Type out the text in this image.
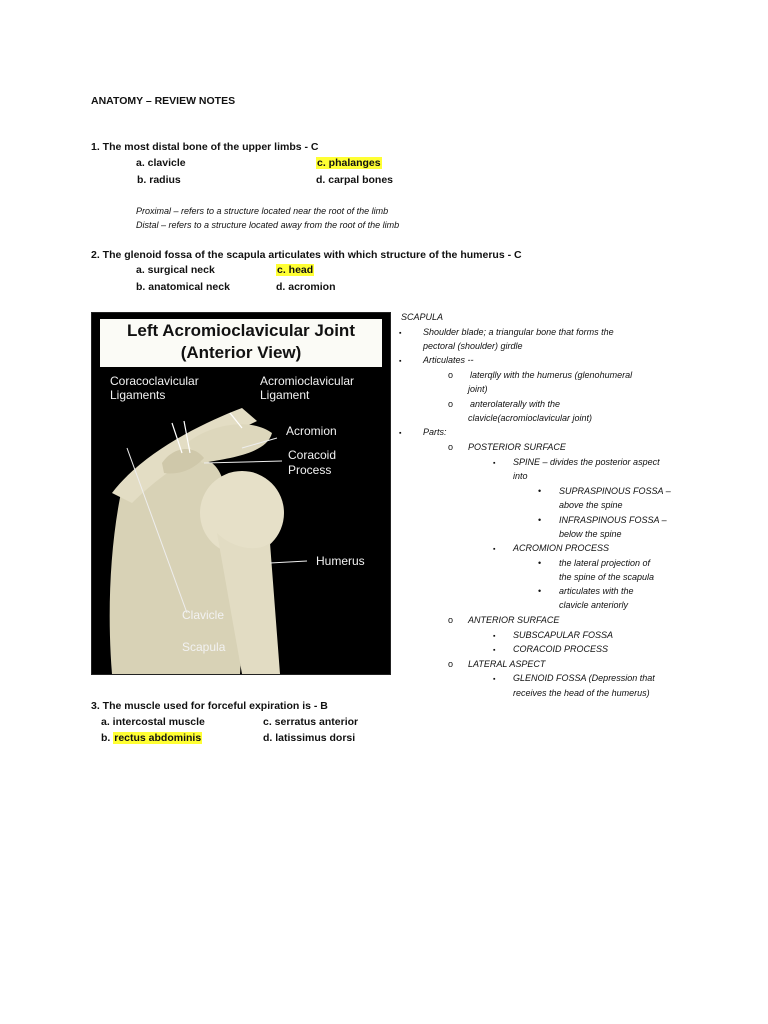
ANATOMY – REVIEW NOTES
1. The most distal bone of the upper limbs - C
a. clavicle	c. phalanges
b. radius	d. carpal bones
Proximal – refers to a structure located near the root of the limb
Distal – refers to a structure located away from the root of the limb
2. The glenoid fossa of the scapula articulates with which structure of the humerus - C
a. surgical neck	c. head
b. anatomical neck	d. acromion
Left Acromioclavicular Joint
(Anterior View)
Coracoclavicular
Ligaments
Acromioclavicular
Ligament
Acromion
Coracoid
Process
Humerus
Clavicle
Scapula
3. The muscle used for forceful expiration is - B
a. intercostal muscle	c. serratus anterior
b. rectus abdominis	d. latissimus dorsi
SCAPULA
▪ Shoulder blade; a triangular bone that forms the
pectoral (shoulder) girdle
▪ Articulates --
o laterqlly with the humerus (glenohumeral
joint)
o anterolaterally with the
clavicle(acromioclavicular joint)
▪ Parts:
o POSTERIOR SURFACE
▪ SPINE – divides the posterior aspect
into
• SUPRASPINOUS FOSSA –
above the spine
• INFRASPINOUS FOSSA –
below the spine
▪ ACROMION PROCESS
• the lateral projection of
the spine of the scapula
• articulates with the
clavicle anteriorly
o ANTERIOR SURFACE
▪ SUBSCAPULAR FOSSA
▪ CORACOID PROCESS
o LATERAL ASPECT
▪ GLENOID FOSSA (Depression that
receives the head of the humerus)
